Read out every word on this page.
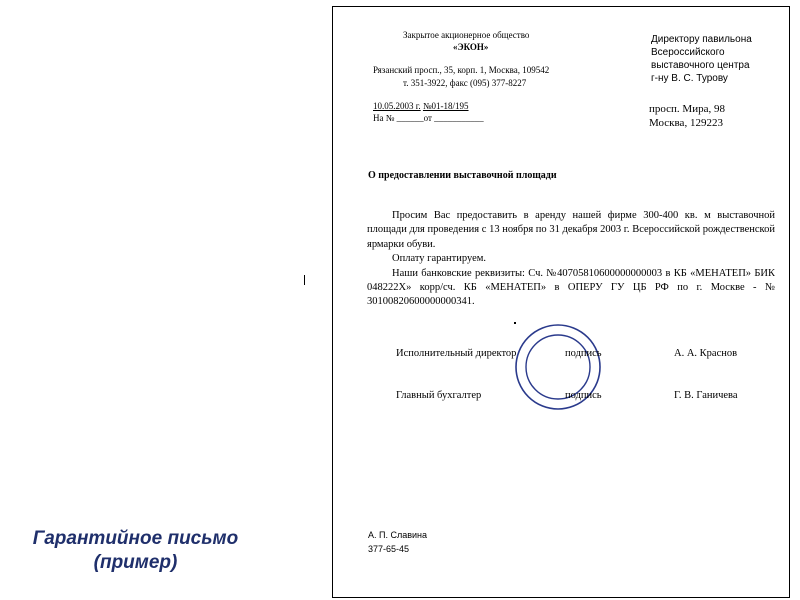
Гарантийное письмо
(пример)
Закрытое акционерное общество
«ЭКОН»
Рязанский просп., 35, корп. 1, Москва, 109542
т. 351-3922, факс (095) 377-8227
10.05.2003 г. №01-18/195
На № ______от ___________
Директору павильона
Всероссийского
выставочного центра
г-ну В. С. Турову
просп. Мира, 98
Москва, 129223
О предоставлении выставочной площади

Просим Вас предоставить в аренду нашей фирме 300-400 кв. м выставочной площади для проведения с 13 ноября по 31 декабря 2003 г. Всероссийской рождественской ярмарки обуви.

Оплату гарантируем.

Наши банковские реквизиты: Сч. №40705810600000000003 в КБ «МЕНАТЕП» БИК 048222Х» корр/сч. КБ «МЕНАТЕП» в ОПЕРУ ГУ ЦБ РФ по г. Москве - № 30100820600000000341.

Исполнительный директор	подпись	А. А. Краснов
Главный бухгалтер	подпись	Г. В. Ганичева
А. П. Славина
377-65-45
